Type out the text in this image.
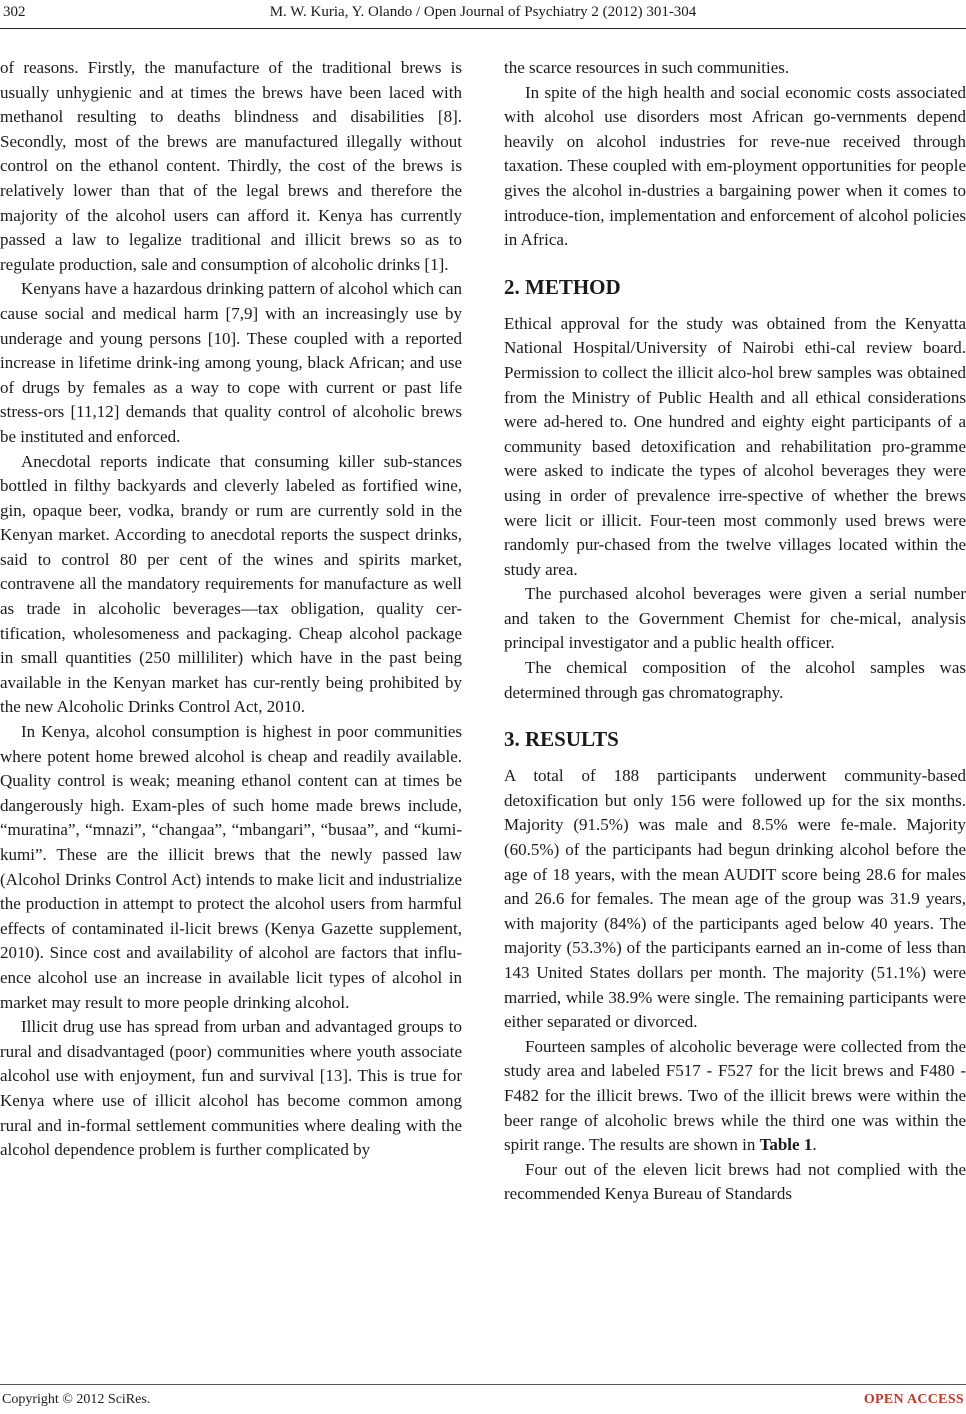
302	M. W. Kuria, Y. Olando / Open Journal of Psychiatry 2 (2012) 301-304

of reasons. Firstly, the manufacture of the traditional brews is usually unhygienic and at times the brews have been laced with methanol resulting to deaths blindness and disabilities [8]. Secondly, most of the brews are manufactured illegally without control on the ethanol content. Thirdly, the cost of the brews is relatively lower than that of the legal brews and therefore the majority of the alcohol users can afford it. Kenya has currently passed a law to legalize traditional and illicit brews so as to regulate production, sale and consumption of alcoholic drinks [1].

Kenyans have a hazardous drinking pattern of alcohol which can cause social and medical harm [7,9] with an increasingly use by underage and young persons [10]. These coupled with a reported increase in lifetime drink-ing among young, black African; and use of drugs by females as a way to cope with current or past life stress-ors [11,12] demands that quality control of alcoholic brews be instituted and enforced.

Anecdotal reports indicate that consuming killer sub-stances bottled in filthy backyards and cleverly labeled as fortified wine, gin, opaque beer, vodka, brandy or rum are currently sold in the Kenyan market. According to anecdotal reports the suspect drinks, said to control 80 per cent of the wines and spirits market, contravene all the mandatory requirements for manufacture as well as trade in alcoholic beverages—tax obligation, quality cer-tification, wholesomeness and packaging. Cheap alcohol package in small quantities (250 milliliter) which have in the past being available in the Kenyan market has cur-rently being prohibited by the new Alcoholic Drinks Control Act, 2010.

In Kenya, alcohol consumption is highest in poor communities where potent home brewed alcohol is cheap and readily available. Quality control is weak; meaning ethanol content can at times be dangerously high. Exam-ples of such home made brews include, “muratina”, “mnazi”, “changaa”, “mbangari”, “busaa”, and “kumi-kumi”. These are the illicit brews that the newly passed law (Alcohol Drinks Control Act) intends to make licit and industrialize the production in attempt to protect the alcohol users from harmful effects of contaminated il-licit brews (Kenya Gazette supplement, 2010). Since cost and availability of alcohol are factors that influ-ence alcohol use an increase in available licit types of alcohol in market may result to more people drinking alcohol.

Illicit drug use has spread from urban and advantaged groups to rural and disadvantaged (poor) communities where youth associate alcohol use with enjoyment, fun and survival [13]. This is true for Kenya where use of illicit alcohol has become common among rural and in-formal settlement communities where dealing with the alcohol dependence problem is further complicated by

the scarce resources in such communities.

In spite of the high health and social economic costs associated with alcohol use disorders most African go-vernments depend heavily on alcohol industries for reve-nue received through taxation. These coupled with em-ployment opportunities for people gives the alcohol in-dustries a bargaining power when it comes to introduce-tion, implementation and enforcement of alcohol policies in Africa.

2. METHOD

Ethical approval for the study was obtained from the Kenyatta National Hospital/University of Nairobi ethi-cal review board. Permission to collect the illicit alco-hol brew samples was obtained from the Ministry of Public Health and all ethical considerations were ad-hered to. One hundred and eighty eight participants of a community based detoxification and rehabilitation pro-gramme were asked to indicate the types of alcohol beverages they were using in order of prevalence irre-spective of whether the brews were licit or illicit. Four-teen most commonly used brews were randomly pur-chased from the twelve villages located within the study area.

The purchased alcohol beverages were given a serial number and taken to the Government Chemist for che-mical, analysis principal investigator and a public health officer.

The chemical composition of the alcohol samples was determined through gas chromatography.

3. RESULTS

A total of 188 participants underwent community-based detoxification but only 156 were followed up for the six months. Majority (91.5%) was male and 8.5% were fe-male. Majority (60.5%) of the participants had begun drinking alcohol before the age of 18 years, with the mean AUDIT score being 28.6 for males and 26.6 for females. The mean age of the group was 31.9 years, with majority (84%) of the participants aged below 40 years. The majority (53.3%) of the participants earned an in-come of less than 143 United States dollars per month. The majority (51.1%) were married, while 38.9% were single. The remaining participants were either separated or divorced.

Fourteen samples of alcoholic beverage were collected from the study area and labeled F517 - F527 for the licit brews and F480 - F482 for the illicit brews. Two of the illicit brews were within the beer range of alcoholic brews while the third one was within the spirit range. The results are shown in Table 1.

Four out of the eleven licit brews had not complied with the recommended Kenya Bureau of Standards

Copyright © 2012 SciRes.	OPEN ACCESS
